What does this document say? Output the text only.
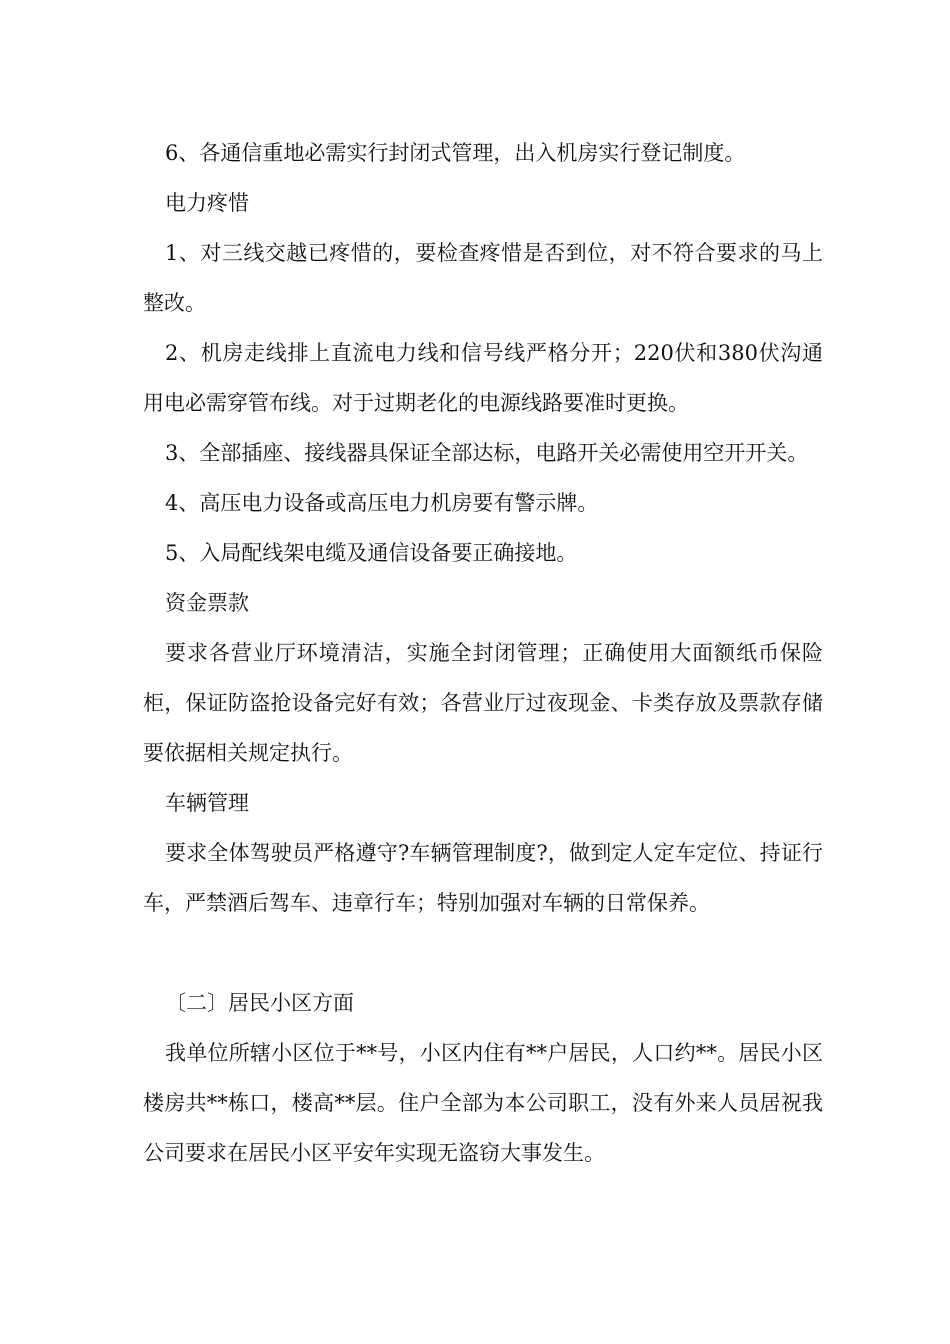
6、各通信重地必需实行封闭式管理，出入机房实行登记制度。

电力疼惜

1、对三线交越已疼惜的，要检查疼惜是否到位，对不符合要求的马上整改。

2、机房走线排上直流电力线和信号线严格分开；220伏和380伏沟通用电必需穿管布线。对于过期老化的电源线路要准时更换。

3、全部插座、接线器具保证全部达标，电路开关必需使用空开开关。

4、高压电力设备或高压电力机房要有警示牌。

5、入局配线架电缆及通信设备要正确接地。

资金票款

要求各营业厅环境清洁，实施全封闭管理；正确使用大面额纸币保险柜，保证防盗抢设备完好有效；各营业厅过夜现金、卡类存放及票款存储要依据相关规定执行。

车辆管理

要求全体驾驶员严格遵守?车辆管理制度?，做到定人定车定位、持证行车，严禁酒后驾车、违章行车；特别加强对车辆的日常保养。

〔二〕居民小区方面

我单位所辖小区位于**号，小区内住有**户居民，人口约**。居民小区楼房共**栋口，楼高**层。住户全部为本公司职工，没有外来人员居祝我公司要求在居民小区平安年实现无盗窃大事发生。
